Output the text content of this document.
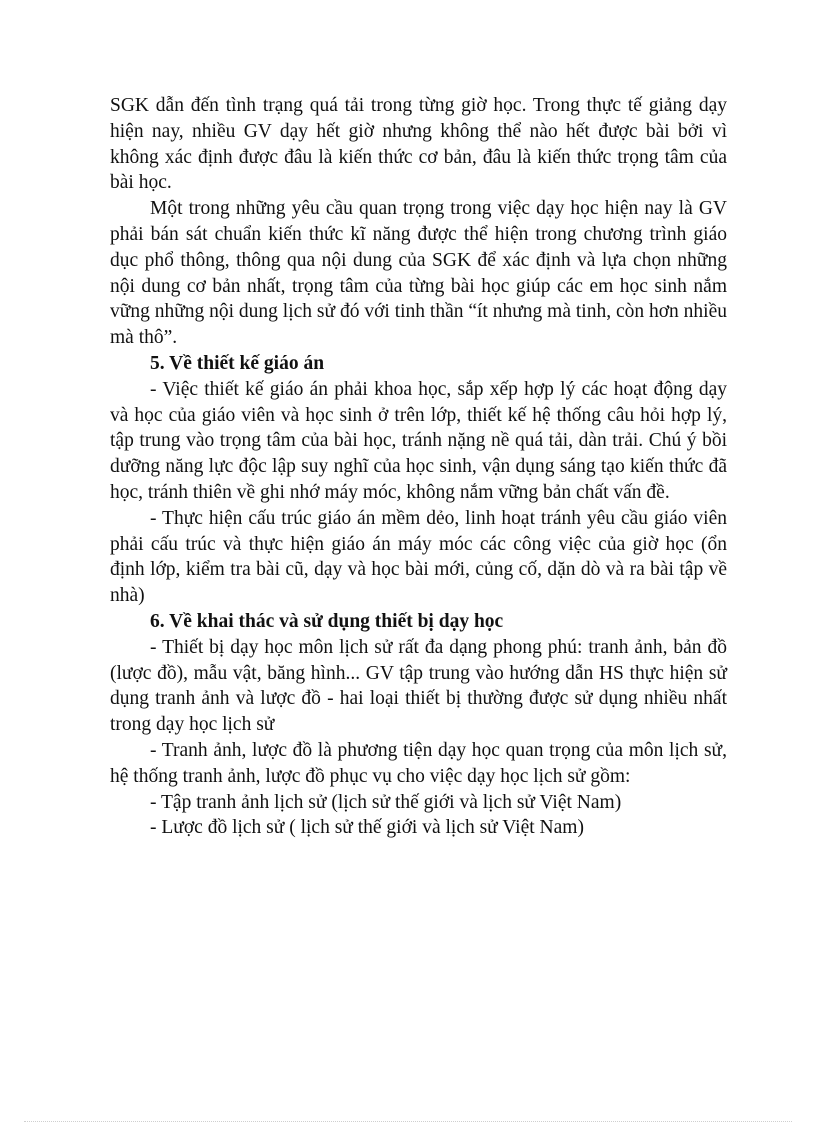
SGK dẫn đến tình trạng quá tải trong từng giờ học. Trong thực tế giảng dạy hiện nay, nhiều GV dạy hết giờ nhưng không thể nào hết được bài bởi vì không xác định được đâu là kiến thức cơ bản, đâu là kiến thức trọng tâm của bài học.

Một trong những yêu cầu quan trọng trong việc dạy học hiện nay là GV phải bán sát chuẩn kiến thức kĩ năng được thể hiện trong chương trình giáo dục phổ thông, thông qua nội dung của SGK để xác định và lựa chọn những nội dung cơ bản nhất, trọng tâm của từng bài học giúp các em học sinh nắm vững những nội dung lịch sử đó với tinh thần “ít nhưng mà tinh, còn hơn nhiều mà thô”.

5. Về thiết kế giáo án

- Việc thiết kế giáo án phải khoa học, sắp xếp hợp lý các hoạt động dạy và học của giáo viên và học sinh ở trên lớp, thiết kế hệ thống câu hỏi hợp lý, tập trung vào trọng tâm của bài học, tránh nặng nề quá tải, dàn trải. Chú ý bồi dưỡng năng lực độc lập suy nghĩ của học sinh, vận dụng sáng tạo kiến thức đã học, tránh thiên về ghi nhớ máy móc, không nắm vững bản chất vấn đề.

- Thực hiện cấu trúc giáo án mềm dẻo, linh hoạt tránh yêu cầu giáo viên phải cấu trúc và thực hiện giáo án máy móc các công việc của giờ học (ổn định lớp, kiểm tra bài cũ, dạy và học bài mới, củng cố, dặn dò và ra bài tập về nhà)

6. Về khai thác và sử dụng thiết bị dạy học

- Thiết bị dạy học môn lịch sử rất đa dạng phong phú: tranh ảnh, bản đồ (lược đồ), mẫu vật, băng hình... GV tập trung vào hướng dẫn HS thực hiện sử dụng tranh ảnh và lược đồ - hai loại thiết bị thường được sử dụng nhiều nhất trong dạy học lịch sử

- Tranh ảnh, lược đồ là phương tiện dạy học quan trọng của môn lịch sử, hệ thống tranh ảnh, lược đồ phục vụ cho việc dạy học lịch sử gồm:

- Tập tranh ảnh lịch sử (lịch sử thế giới và lịch sử Việt Nam)

- Lược đồ lịch sử ( lịch sử thế giới và lịch sử Việt Nam)
